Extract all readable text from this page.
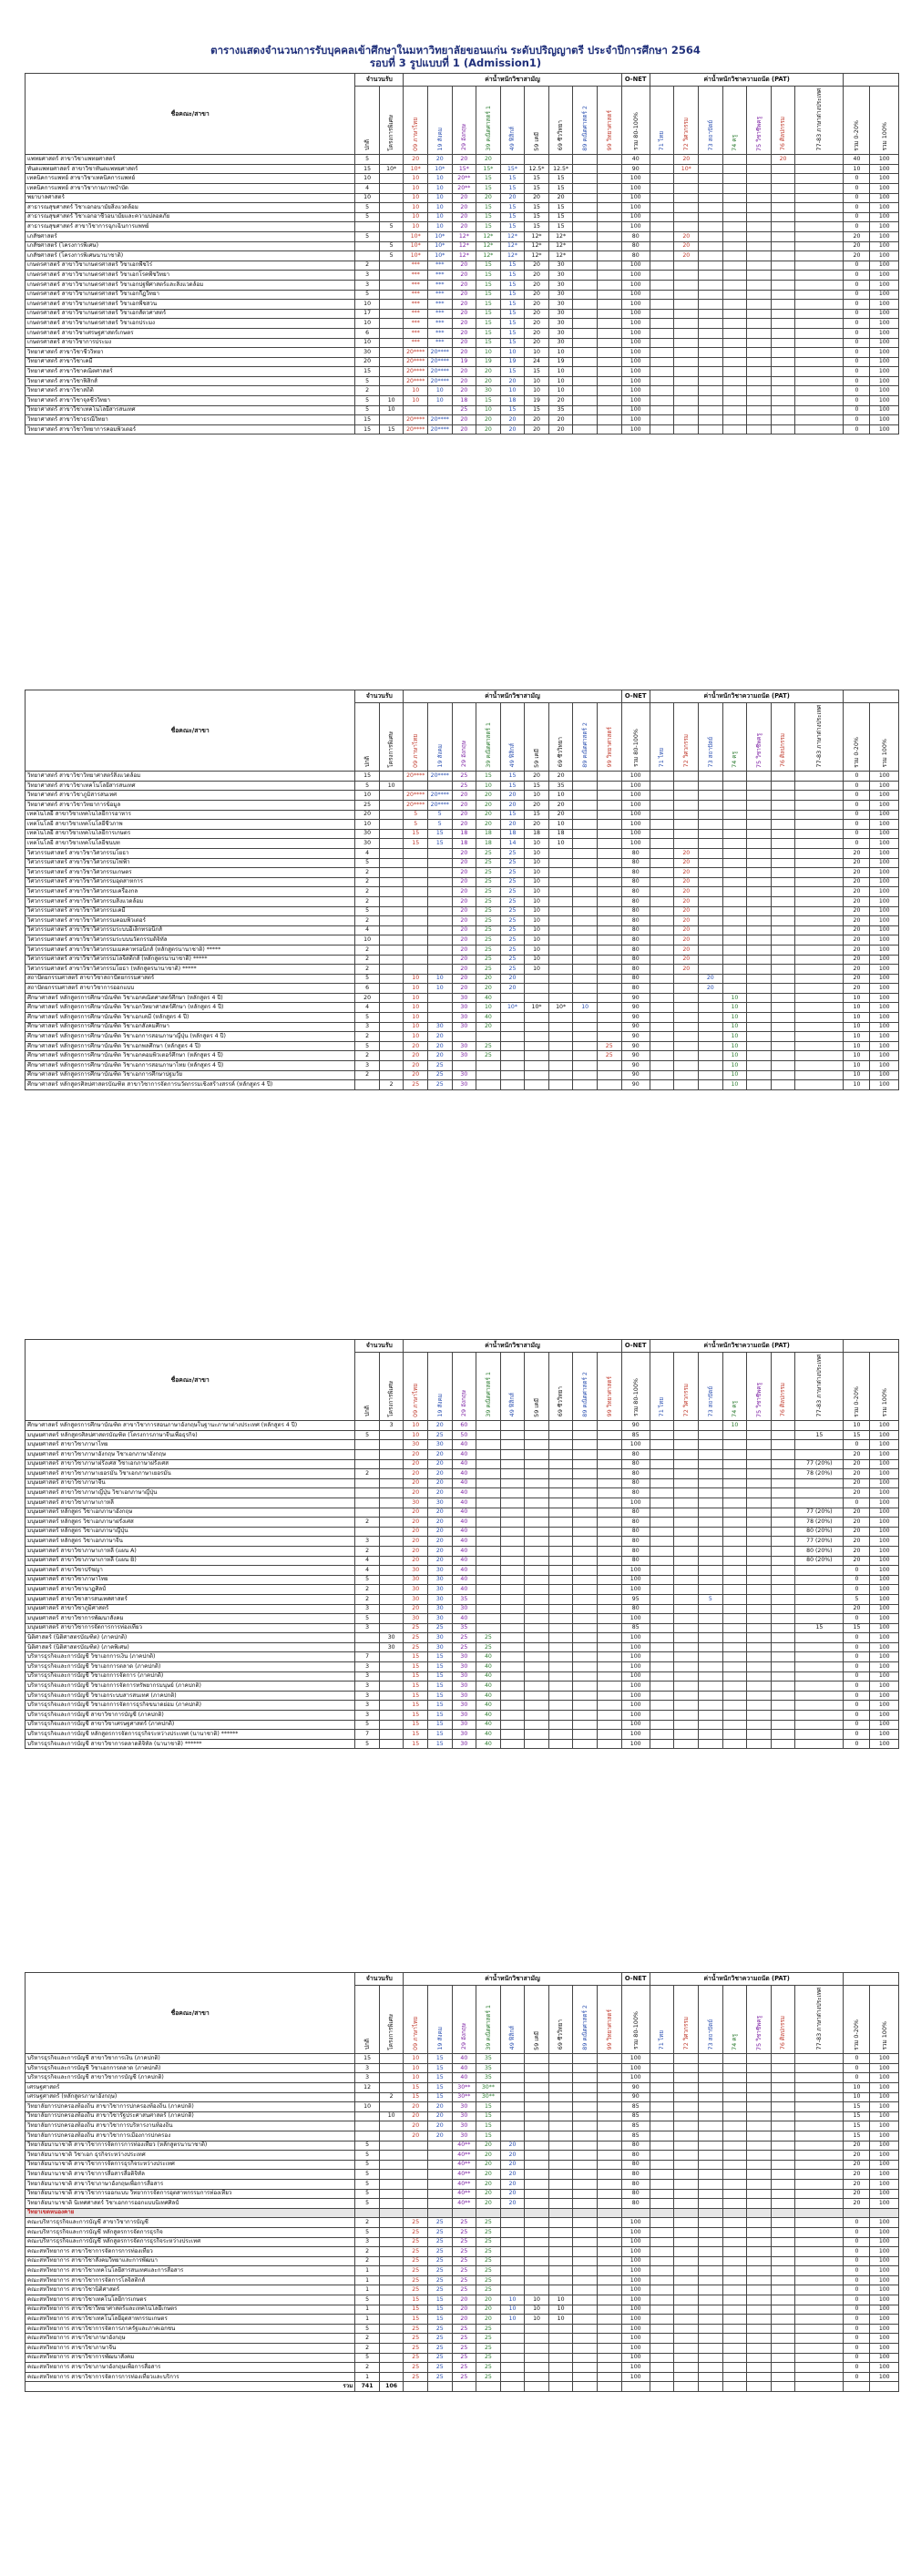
ตารางแสดงจำนวนการรับบุคคลเข้าศึกษาในมหาวิทยาลัยขอนแก่น ระดับปริญญาตรี ประจำปีการศึกษา 2564
รอบที่ 3 รูปแบบที่ 1 (Admission1)
ชื่อคณะ/สาขา	จำนวนรับ		ค่าน้ำหนักวิชาสามัญ									O-NET	ค่าน้ำหนักวิชาความถนัด (PAT)								
	ปกติ	โครงการพิเศษ	09 ภาษาไทย	19 สังคม	29 อังกฤษ	39 คณิตศาสตร์ 1	49 ฟิสิกส์	59 เคมี	69 ชีววิทยา	89 คณิตศาสตร์ 2	99 วิทยาศาสตร์	รวม 80-100%	71 ไทย	72 วิศวกรรม	73 สถาปัตย์	74 ครู	75 วิชาชีพครู	76 ศิลปกรรม	77-83 ภาษาต่างประเทศ	รวม 0-20%	รวม 100%
แพทยศาสตร์ สาขาวิชาแพทยศาสตร์	5		20	20	20	20						40		20				20		40	100
ทันตแพทยศาสตร์ สาขาวิชาทันตแพทยศาสตร์	15	10*	10*	10*	15*	15*	15*	12.5*	12.5*			90		10*						10	100
เทคนิคการแพทย์ สาขาวิชาเทคนิคการแพทย์	10		10	10	20**	15	15	15	15			100								0	100
เทคนิคการแพทย์ สาขาวิชากายภาพบำบัด	4		10	10	20**	15	15	15	15			100								0	100
พยาบาลศาสตร์	10		10	10	20	20	20	20	20			100								0	100
สาธารณสุขศาสตร์ วิชาเอกอนามัยสิ่งแวดล้อม	5		10	10	20	15	15	15	15			100								0	100
สาธารณสุขศาสตร์ วิชาเอกอาชีวอนามัยและความปลอดภัย	5		10	10	20	15	15	15	15			100								0	100
สาธารณสุขศาสตร์ สาขาวิชาการฉุกเฉินการแพทย์		5	10	10	20	15	15	15	15			100								0	100
เภสัชศาสตร์	5		10*	10*	12*	12*	12*	12*	12*			80		20						20	100
เภสัชศาสตร์ (โครงการพิเศษ)		5	10*	10*	12*	12*	12*	12*	12*			80		20						20	100
เภสัชศาสตร์ (โครงการพิเศษนานาชาติ)		5	10*	10*	12*	12*	12*	12*	12*			80		20						20	100
เกษตรศาสตร์ สาขาวิชาเกษตรศาสตร์ วิชาเอกพืชไร่	2		***	***	20	15	15	20	30			100								0	100
เกษตรศาสตร์ สาขาวิชาเกษตรศาสตร์ วิชาเอกโรคพืชวิทยา	3		***	***	20	15	15	20	30			100								0	100
เกษตรศาสตร์ สาขาวิชาเกษตรศาสตร์ วิชาเอกปฐพีศาสตร์และสิ่งแวดล้อม	3		***	***	20	15	15	20	30			100								0	100
เกษตรศาสตร์ สาขาวิชาเกษตรศาสตร์ วิชาเอกกีฏวิทยา	5		***	***	20	15	15	20	30			100								0	100
เกษตรศาสตร์ สาขาวิชาเกษตรศาสตร์ วิชาเอกพืชสวน	10		***	***	20	15	15	20	30			100								0	100
เกษตรศาสตร์ สาขาวิชาเกษตรศาสตร์ วิชาเอกสัตวศาสตร์	17		***	***	20	15	15	20	30			100								0	100
เกษตรศาสตร์ สาขาวิชาเกษตรศาสตร์ วิชาเอกประมง	10		***	***	20	15	15	20	30			100								0	100
เกษตรศาสตร์ สาขาวิชาเศรษฐศาสตร์เกษตร	6		***	***	20	15	15	20	30			100								0	100
เกษตรศาสตร์ สาขาวิชาการประมง	10		***	***	20	15	15	20	30			100								0	100
วิทยาศาสตร์ สาขาวิชาชีววิทยา	30		20****	20****	20	10	10	10	10			100								0	100
วิทยาศาสตร์ สาขาวิชาเคมี	20		20****	20****	19	19	19	24	19			100								0	100
วิทยาศาสตร์ สาขาวิชาคณิตศาสตร์	15		20****	20****	20	20	15	15	10			100								0	100
วิทยาศาสตร์ สาขาวิชาฟิสิกส์	5		20****	20****	20	20	20	10	10			100								0	100
วิทยาศาสตร์ สาขาวิชาสถิติ	2		10	10	20	30	10	10	10			100								0	100
วิทยาศาสตร์ สาขาวิชาจุลชีววิทยา	5	10	10	10	18	15	18	19	20			100								0	100
วิทยาศาสตร์ สาขาวิชาเทคโนโลยีสารสนเทศ	5	10			25	10	15	15	35			100								0	100
วิทยาศาสตร์ สาขาวิชาธรณีวิทยา	15		20****	20****	20	20	20	20	20			100								0	100
วิทยาศาสตร์ สาขาวิชาวิทยาการคอมพิวเตอร์	15	15	20****	20****	20	20	20	20	20			100								0	100
ชื่อคณะ/สาขา	จำนวนรับ		ค่าน้ำหนักวิชาสามัญ									O-NET	ค่าน้ำหนักวิชาความถนัด (PAT)								
	ปกติ	โครงการพิเศษ	09 ภาษาไทย	19 สังคม	29 อังกฤษ	39 คณิตศาสตร์ 1	49 ฟิสิกส์	59 เคมี	69 ชีววิทยา	89 คณิตศาสตร์ 2	99 วิทยาศาสตร์	รวม 80-100%	71 ไทย	72 วิศวกรรม	73 สถาปัตย์	74 ครู	75 วิชาชีพครู	76 ศิลปกรรม	77-83 ภาษาต่างประเทศ	รวม 0-20%	รวม 100%
วิทยาศาสตร์ สาขาวิชาวิทยาศาสตร์สิ่งแวดล้อม	15		20****	20****	25	15	15	20	20			100								0	100
วิทยาศาสตร์ สาขาวิชาเทคโนโลยีสารสนเทศ	5	10			25	10	15	15	35			100								0	100
วิทยาศาสตร์ สาขาวิชาภูมิสารสนเทศ	10		20****	20****	20	20	20	10	10			100								0	100
วิทยาศาสตร์ สาขาวิชาวิทยาการข้อมูล	25		20****	20****	20	20	20	20	20			100								0	100
เทคโนโลยี สาขาวิชาเทคโนโลยีการอาหาร	20		5	5	20	20	15	15	20			100								0	100
เทคโนโลยี สาขาวิชาเทคโนโลยีชีวภาพ	10		5	5	20	20	20	20	10			100								0	100
เทคโนโลยี สาขาวิชาเทคโนโลยีการเกษตร	30		15	15	18	18	18	18	18			100								0	100
เทคโนโลยี สาขาวิชาเทคโนโลยีชนบท	30		15	15	18	18	14	10	10			100								0	100
วิศวกรรมศาสตร์ สาขาวิชาวิศวกรรมโยธา	4				20	25	25	10				80		20						20	100
วิศวกรรมศาสตร์ สาขาวิชาวิศวกรรมไฟฟ้า	5				20	25	25	10				80		20						20	100
วิศวกรรมศาสตร์ สาขาวิชาวิศวกรรมเกษตร	2				20	25	25	10				80		20						20	100
วิศวกรรมศาสตร์ สาขาวิชาวิศวกรรมอุตสาหการ	2				20	25	25	10				80		20						20	100
วิศวกรรมศาสตร์ สาขาวิชาวิศวกรรมเครื่องกล	2				20	25	25	10				80		20						20	100
วิศวกรรมศาสตร์ สาขาวิชาวิศวกรรมสิ่งแวดล้อม	2				20	25	25	10				80		20						20	100
วิศวกรรมศาสตร์ สาขาวิชาวิศวกรรมเคมี	5				20	25	25	10				80		20						20	100
วิศวกรรมศาสตร์ สาขาวิชาวิศวกรรมคอมพิวเตอร์	2				20	25	25	10				80		20						20	100
วิศวกรรมศาสตร์ สาขาวิชาวิศวกรรมระบบอิเล็กทรอนิกส์	4				20	25	25	10				80		20						20	100
วิศวกรรมศาสตร์ สาขาวิชาวิศวกรรมระบบนวัตกรรมดิจิทัล	10				20	25	25	10				80		20						20	100
วิศวกรรมศาสตร์ สาขาวิชาวิศวกรรมเมคคาทรอนิกส์ (หลักสูตรนานาชาติ) *****	2				20	25	25	10				80		20						20	100
วิศวกรรมศาสตร์ สาขาวิชาวิศวกรรมโลจิสติกส์ (หลักสูตรนานาชาติ) *****	2				20	25	25	10				80		20						20	100
วิศวกรรมศาสตร์ สาขาวิชาวิศวกรรมโยธา (หลักสูตรนานาชาติ) *****	2				20	25	25	10				80		20						20	100
สถาปัตยกรรมศาสตร์ สาขาวิชาสถาปัตยกรรมศาสตร์	5		10	10	20	20	20					80			20					20	100
สถาปัตยกรรมศาสตร์ สาขาวิชาการออกแบบ	6		10	10	20	20	20					80			20					20	100
ศึกษาศาสตร์ หลักสูตรการศึกษาบัณฑิต วิชาเอกคณิตศาสตร์ศึกษา (หลักสูตร 4 ปี)	20		10		30	40						90				10				10	100
ศึกษาศาสตร์ หลักสูตรการศึกษาบัณฑิต วิชาเอกวิทยาศาสตร์ศึกษา (หลักสูตร 4 ปี)	4		10		30	10	10*	10*	10*	10		90				10				10	100
ศึกษาศาสตร์ หลักสูตรการศึกษาบัณฑิต วิชาเอกเคมี (หลักสูตร 4 ปี)	5		10		30	40						90				10				10	100
ศึกษาศาสตร์ หลักสูตรการศึกษาบัณฑิต วิชาเอกสังคมศึกษา	3		10	30	30	20						90				10				10	100
ศึกษาศาสตร์ หลักสูตรการศึกษาบัณฑิต วิชาเอกการสอนภาษาญี่ปุ่น (หลักสูตร 4 ปี)	2		10	20								90				10				10	100
ศึกษาศาสตร์ หลักสูตรการศึกษาบัณฑิต วิชาเอกพลศึกษา (หลักสูตร 4 ปี)	5		20	20	30	25					25	90				10				10	100
ศึกษาศาสตร์ หลักสูตรการศึกษาบัณฑิต วิชาเอกคอมพิวเตอร์ศึกษา (หลักสูตร 4 ปี)	2		20	20	30	25					25	90				10				10	100
ศึกษาศาสตร์ หลักสูตรการศึกษาบัณฑิต วิชาเอกการสอนภาษาไทย (หลักสูตร 4 ปี)	3		20	25								90				10				10	100
ศึกษาศาสตร์ หลักสูตรการศึกษาบัณฑิต วิชาเอกการศึกษาปฐมวัย	2		20	25	30							90				10				10	100
ศึกษาศาสตร์ หลักสูตรศิลปศาสตรบัณฑิต สาขาวิชาการจัดการนวัตกรรมเชิงสร้างสรรค์ (หลักสูตร 4 ปี)		2	25	25	30							90				10				10	100
ชื่อคณะ/สาขา	จำนวนรับ		ค่าน้ำหนักวิชาสามัญ									O-NET	ค่าน้ำหนักวิชาความถนัด (PAT)								
	ปกติ	โครงการพิเศษ	09 ภาษาไทย	19 สังคม	29 อังกฤษ	39 คณิตศาสตร์ 1	49 ฟิสิกส์	59 เคมี	69 ชีววิทยา	89 คณิตศาสตร์ 2	99 วิทยาศาสตร์	รวม 80-100%	71 ไทย	72 วิศวกรรม	73 สถาปัตย์	74 ครู	75 วิชาชีพครู	76 ศิลปกรรม	77-83 ภาษาต่างประเทศ	รวม 0-20%	รวม 100%
ศึกษาศาสตร์ หลักสูตรการศึกษาบัณฑิต สาขาวิชาการสอนภาษาอังกฤษในฐานะภาษาต่างประเทศ (หลักสูตร 4 ปี)		3	10	20	60							90				10				10	100
มนุษยศาสตร์ หลักสูตรศิลปศาสตรบัณฑิต (โครงการภาษาจีนเพื่อธุรกิจ)	5		10	25	50							85							15	15	100
มนุษยศาสตร์ สาขาวิชาภาษาไทย			30	30	40							100								0	100
มนุษยศาสตร์ สาขาวิชาภาษาอังกฤษ วิชาเอกภาษาอังกฤษ			20	20	40							80								20	100
มนุษยศาสตร์ สาขาวิชาภาษาฝรั่งเศส วิชาเอกภาษาฝรั่งเศส			20	20	40							80							77 (20%)	20	100
มนุษยศาสตร์ สาขาวิชาภาษาเยอรมัน วิชาเอกภาษาเยอรมัน	2		20	20	40							80							78 (20%)	20	100
มนุษยศาสตร์ สาขาวิชาภาษาจีน			20	20	40							80								20	100
มนุษยศาสตร์ สาขาวิชาภาษาญี่ปุ่น วิชาเอกภาษาญี่ปุ่น			20	20	40							80								20	100
มนุษยศาสตร์ สาขาวิชาภาษาเกาหลี			30	30	40							100								0	100
มนุษยศาสตร์ หลักสูตร วิชาเอกภาษาอังกฤษ			20	20	40							80							77 (20%)	20	100
มนุษยศาสตร์ หลักสูตร วิชาเอกภาษาฝรั่งเศส	2		20	20	40							80							78 (20%)	20	100
มนุษยศาสตร์ หลักสูตร วิชาเอกภาษาญี่ปุ่น			20	20	40							80							80 (20%)	20	100
มนุษยศาสตร์ หลักสูตร วิชาเอกภาษาจีน	3		20	20	40							80							77 (20%)	20	100
มนุษยศาสตร์ สาขาวิชาภาษาเกาหลี (แผน A)	2		20	20	40							80							80 (20%)	20	100
มนุษยศาสตร์ สาขาวิชาภาษาเกาหลี (แผน B)	4		20	20	40							80							80 (20%)	20	100
มนุษยศาสตร์ สาขาวิชาปรัชญา	4		30	30	40							100								0	100
มนุษยศาสตร์ สาขาวิชาภาษาไทย	5		30	30	40							100								0	100
มนุษยศาสตร์ สาขาวิชานาฏศิลป์	2		30	30	40							100								0	100
มนุษยศาสตร์ สาขาวิชาสารสนเทศศาสตร์	2		30	30	35							95			5					5	100
มนุษยศาสตร์ สาขาวิชาภูมิศาสตร์	3		20	30	30							80								20	100
มนุษยศาสตร์ สาขาวิชาการพัฒนาสังคม	5		30	30	40							100								0	100
มนุษยศาสตร์ สาขาวิชาการจัดการการท่องเที่ยว	3		25	25	35							85							15	15	100
นิติศาสตร์ (นิติศาสตรบัณฑิต) (ภาคปกติ)		30	25	30	25	25						100								0	100
นิติศาสตร์ (นิติศาสตรบัณฑิต) (ภาคพิเศษ)		30	25	30	25	25						100								0	100
บริหารธุรกิจและการบัญชี วิชาเอกการเงิน (ภาคปกติ)	7		15	15	30	40						100								0	100
บริหารธุรกิจและการบัญชี วิชาเอกการตลาด (ภาคปกติ)	3		15	15	30	40						100								0	100
บริหารธุรกิจและการบัญชี วิชาเอกการจัดการ (ภาคปกติ)	3		15	15	30	40						100								0	100
บริหารธุรกิจและการบัญชี วิชาเอกการจัดการทรัพยากรมนุษย์ (ภาคปกติ)	3		15	15	30	40						100								0	100
บริหารธุรกิจและการบัญชี วิชาเอกระบบสารสนเทศ (ภาคปกติ)	3		15	15	30	40						100								0	100
บริหารธุรกิจและการบัญชี วิชาเอกการจัดการธุรกิจขนาดย่อม (ภาคปกติ)	3		15	15	30	40						100								0	100
บริหารธุรกิจและการบัญชี สาขาวิชาการบัญชี (ภาคปกติ)	3		15	15	30	40						100								0	100
บริหารธุรกิจและการบัญชี สาขาวิชาเศรษฐศาสตร์ (ภาคปกติ)	5		15	15	30	40						100								0	100
บริหารธุรกิจและการบัญชี หลักสูตรการจัดการธุรกิจระหว่างประเทศ (นานาชาติ) ******	7		15	15	30	40						100								0	100
บริหารธุรกิจและการบัญชี สาขาวิชาการตลาดดิจิทัล (นานาชาติ) ******	5		15	15	30	40						100								0	100
ชื่อคณะ/สาขา	จำนวนรับ		ค่าน้ำหนักวิชาสามัญ									O-NET	ค่าน้ำหนักวิชาความถนัด (PAT)								
	ปกติ	โครงการพิเศษ	09 ภาษาไทย	19 สังคม	29 อังกฤษ	39 คณิตศาสตร์ 1	49 ฟิสิกส์	59 เคมี	69 ชีววิทยา	89 คณิตศาสตร์ 2	99 วิทยาศาสตร์	รวม 80-100%	71 ไทย	72 วิศวกรรม	73 สถาปัตย์	74 ครู	75 วิชาชีพครู	76 ศิลปกรรม	77-83 ภาษาต่างประเทศ	รวม 0-20%	รวม 100%
บริหารธุรกิจและการบัญชี สาขาวิชาการเงิน (ภาคปกติ)	15		10	15	40	35						100								0	100
บริหารธุรกิจและการบัญชี วิชาเอกการตลาด (ภาคปกติ)	3		10	15	40	35						100								0	100
บริหารธุรกิจและการบัญชี สาขาวิชาการบัญชี (ภาคปกติ)	3		10	15	40	35						100								0	100
เศรษฐศาสตร์	12		15	15	30**	30**						90								10	100
เศรษฐศาสตร์ (หลักสูตรภาษาอังกฤษ)		2	15	15	30**	30**						90								10	100
วิทยาลัยการปกครองท้องถิ่น สาขาวิชาการปกครองท้องถิ่น (ภาคปกติ)	10		20	20	30	15						85								15	100
วิทยาลัยการปกครองท้องถิ่น สาขาวิชารัฐประศาสนศาสตร์ (ภาคปกติ)		10	20	20	30	15						85								15	100
วิทยาลัยการปกครองท้องถิ่น สาขาวิชาการบริหารงานท้องถิ่น			20	20	30	15						85								15	100
วิทยาลัยการปกครองท้องถิ่น สาขาวิชาการเมืองการปกครอง			20	20	30	15						85								15	100
วิทยาลัยนานาชาติ สาขาวิชาการจัดการการท่องเที่ยว (หลักสูตรนานาชาติ)	5				40**	20	20					80								20	100
วิทยาลัยนานาชาติ วิชาเอก ธุรกิจระหว่างประเทศ	5				40**	20	20					80								20	100
วิทยาลัยนานาชาติ สาขาวิชาการจัดการธุรกิจระหว่างประเทศ	5				40**	20	20					80								20	100
วิทยาลัยนานาชาติ สาขาวิชาการสื่อสารสื่อดิจิทัล	5				40**	20	20					80								20	100
วิทยาลัยนานาชาติ สาขาวิชาภาษาอังกฤษเพื่อการสื่อสาร	5				40**	20	20					80								20	100
วิทยาลัยนานาชาติ สาขาวิชาการออกแบบ วิทยาการจัดการอุตสาหกรรมการท่องเที่ยว	5				40**	20	20					80								20	100
วิทยาลัยนานาชาติ นิเทศศาสตร์ วิชาเอกการออกแบบนิเทศศิลป์	5				40**	20	20					80								20	100
วิทยาเขตหนองคาย																					
คณะบริหารธุรกิจและการบัญชี สาขาวิชาการบัญชี	2		25	25	25	25						100								0	100
คณะบริหารธุรกิจและการบัญชี หลักสูตรการจัดการธุรกิจ	5		25	25	25	25						100								0	100
คณะบริหารธุรกิจและการบัญชี หลักสูตรการจัดการธุรกิจระหว่างประเทศ	3		25	25	25	25						100								0	100
คณะสหวิทยาการ สาขาวิชาการจัดการการท่องเที่ยว	2		25	25	25	25						100								0	100
คณะสหวิทยาการ สาขาวิชาสังคมวิทยาและการพัฒนา	2		25	25	25	25						100								0	100
คณะสหวิทยาการ สาขาวิชาเทคโนโลยีสารสนเทศและการสื่อสาร	1		25	25	25	25						100								0	100
คณะสหวิทยาการ สาขาวิชาการจัดการโลจิสติกส์	1		25	25	25	25						100								0	100
คณะสหวิทยาการ สาขาวิชานิติศาสตร์	1		25	25	25	25						100								0	100
คณะสหวิทยาการ สาขาวิชาเทคโนโลยีการเกษตร	5		15	15	20	20	10	10	10			100								0	100
คณะสหวิทยาการ สาขาวิชาวิทยาศาสตร์และเทคโนโลยีเกษตร	1		15	15	20	20	10	10	10			100								0	100
คณะสหวิทยาการ สาขาวิชาเทคโนโลยีอุตสาหกรรมเกษตร	1		15	15	20	20	10	10	10			100								0	100
คณะสหวิทยาการ สาขาวิชาการจัดการภาครัฐและภาคเอกชน	5		25	25	25	25						100								0	100
คณะสหวิทยาการ สาขาวิชาภาษาอังกฤษ	2		25	25	25	25						100								0	100
คณะสหวิทยาการ สาขาวิชาภาษาจีน	2		25	25	25	25						100								0	100
คณะสหวิทยาการ สาขาวิชาการพัฒนาสังคม	5		25	25	25	25						100								0	100
คณะสหวิทยาการ สาขาวิชาภาษาอังกฤษเพื่อการสื่อสาร	2		25	25	25	25						100								0	100
คณะสหวิทยาการ สาขาวิชาการจัดการการท่องเที่ยวและบริการ	1		25	25	25	25						100								0	100
รวม	741	106																			
